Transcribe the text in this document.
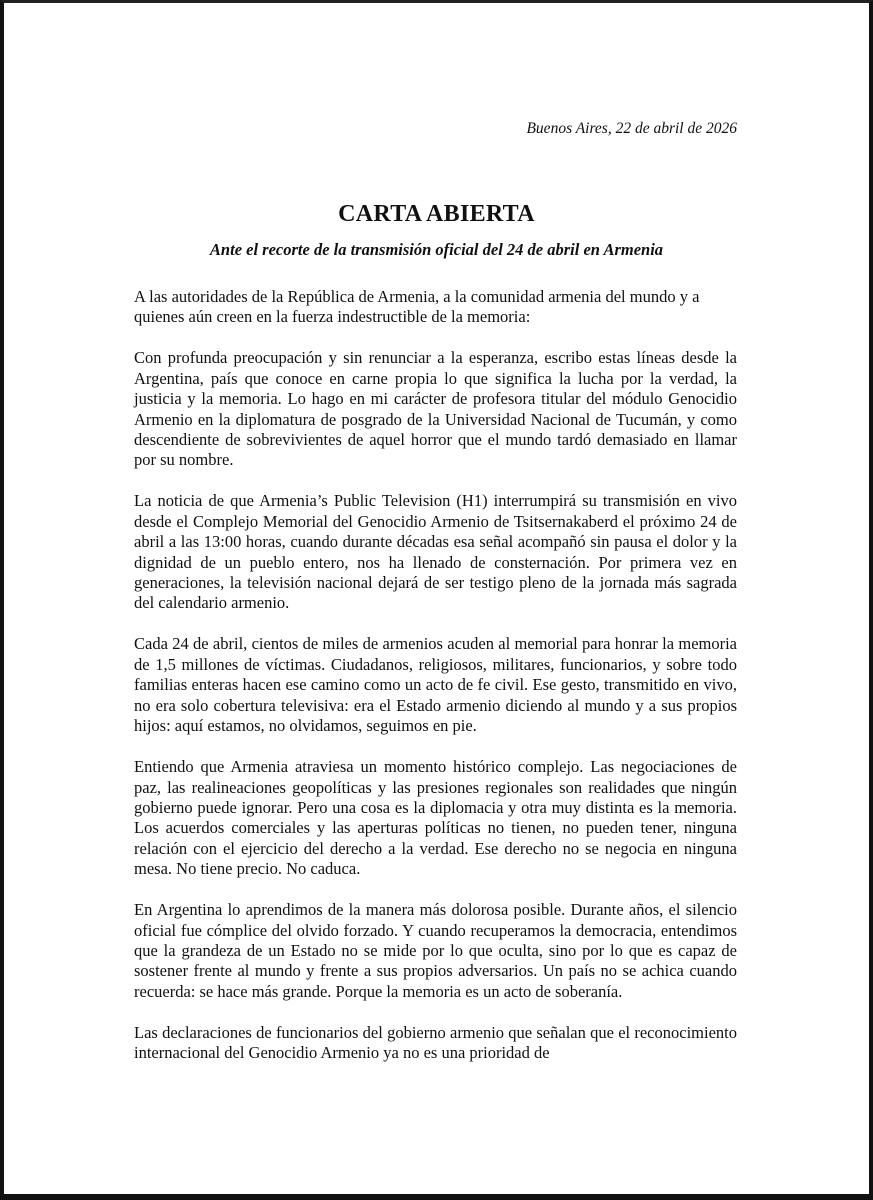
Buenos Aires, 22 de abril de 2026
CARTA ABIERTA
Ante el recorte de la transmisión oficial del 24 de abril en Armenia

A las autoridades de la República de Armenia, a la comunidad armenia del mundo y a quienes aún creen en la fuerza indestructible de la memoria:

Con profunda preocupación y sin renunciar a la esperanza, escribo estas líneas desde la Argentina, país que conoce en carne propia lo que significa la lucha por la verdad, la justicia y la memoria. Lo hago en mi carácter de profesora titular del módulo Genocidio Armenio en la diplomatura de posgrado de la Universidad Nacional de Tucumán, y como descendiente de sobrevivientes de aquel horror que el mundo tardó demasiado en llamar por su nombre.

La noticia de que Armenia’s Public Television (H1) interrumpirá su transmisión en vivo desde el Complejo Memorial del Genocidio Armenio de Tsitsernakaberd el próximo 24 de abril a las 13:00 horas, cuando durante décadas esa señal acompañó sin pausa el dolor y la dignidad de un pueblo entero, nos ha llenado de consternación. Por primera vez en generaciones, la televisión nacional dejará de ser testigo pleno de la jornada más sagrada del calendario armenio.

Cada 24 de abril, cientos de miles de armenios acuden al memorial para honrar la memoria de 1,5 millones de víctimas. Ciudadanos, religiosos, militares, funcionarios, y sobre todo familias enteras hacen ese camino como un acto de fe civil. Ese gesto, transmitido en vivo, no era solo cobertura televisiva: era el Estado armenio diciendo al mundo y a sus propios hijos: aquí estamos, no olvidamos, seguimos en pie.

Entiendo que Armenia atraviesa un momento histórico complejo. Las negociaciones de paz, las realineaciones geopolíticas y las presiones regionales son realidades que ningún gobierno puede ignorar. Pero una cosa es la diplomacia y otra muy distinta es la memoria. Los acuerdos comerciales y las aperturas políticas no tienen, no pueden tener, ninguna relación con el ejercicio del derecho a la verdad. Ese derecho no se negocia en ninguna mesa. No tiene precio. No caduca.

En Argentina lo aprendimos de la manera más dolorosa posible. Durante años, el silencio oficial fue cómplice del olvido forzado. Y cuando recuperamos la democracia, entendimos que la grandeza de un Estado no se mide por lo que oculta, sino por lo que es capaz de sostener frente al mundo y frente a sus propios adversarios. Un país no se achica cuando recuerda: se hace más grande. Porque la memoria es un acto de soberanía.

Las declaraciones de funcionarios del gobierno armenio que señalan que el reconocimiento internacional del Genocidio Armenio ya no es una prioridad de
